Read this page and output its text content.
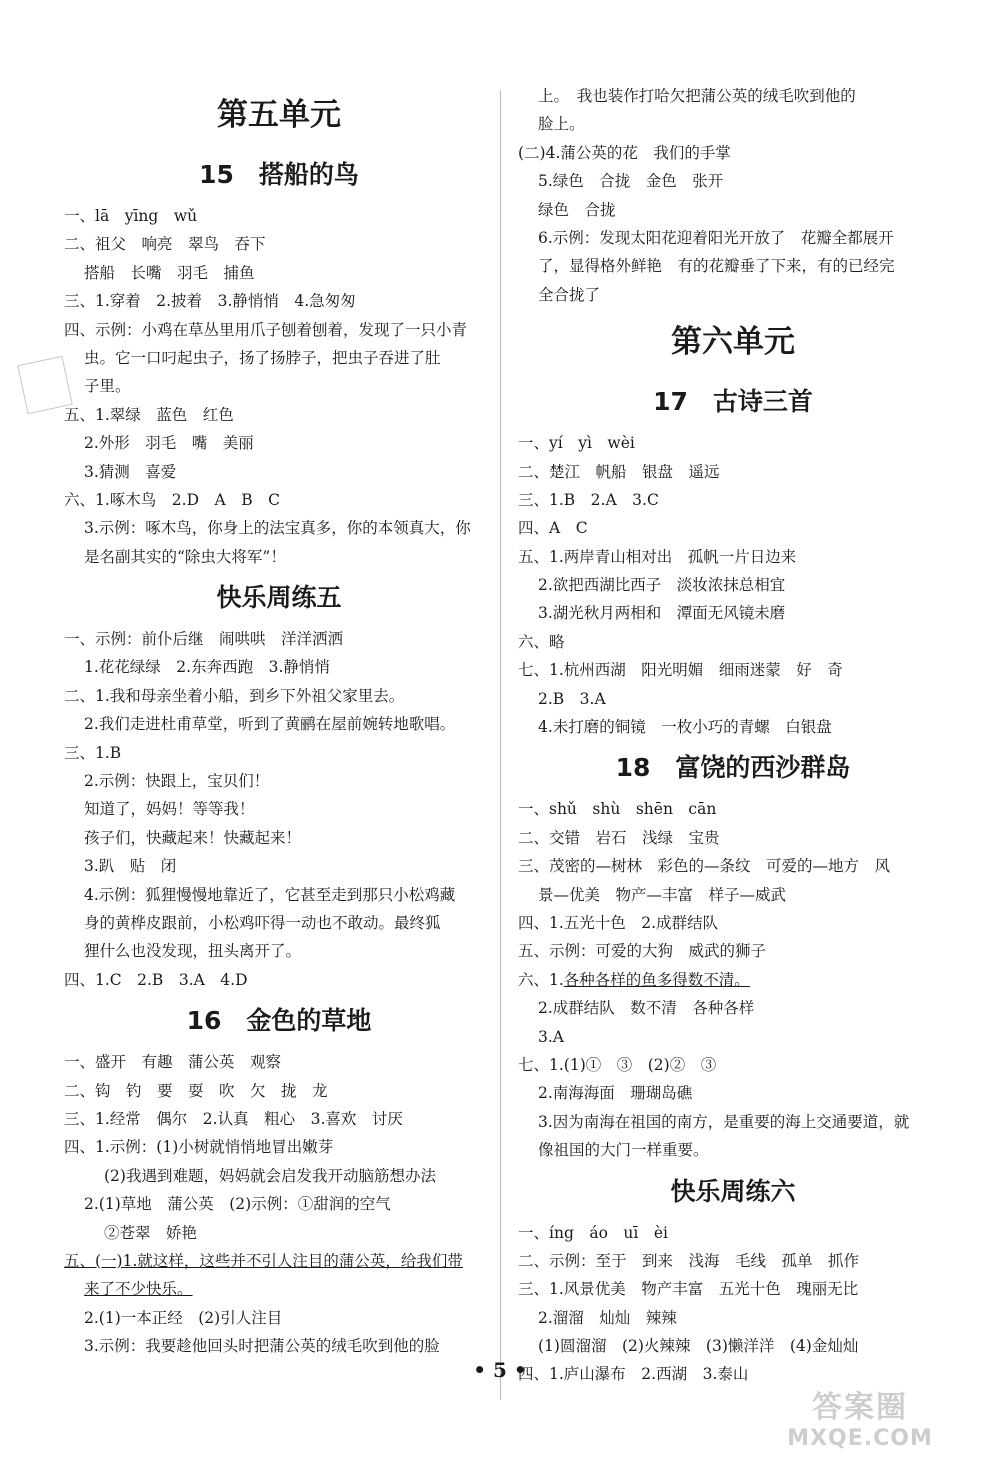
第五单元
15　搭船的鸟
一、lā　yīng　wǔ
二、祖父　响亮　翠鸟　吞下
搭船　长嘴　羽毛　捕鱼
三、1.穿着　2.披着　3.静悄悄　4.急匆匆
四、示例：小鸡在草丛里用爪子刨着刨着，发现了一只小青
虫。它一口叼起虫子，扬了扬脖子，把虫子吞进了肚
子里。
五、1.翠绿　蓝色　红色
2.外形　羽毛　嘴　美丽
3.猜测　喜爱
六、1.啄木鸟　2.D　A　B　C
3.示例：啄木鸟，你身上的法宝真多，你的本领真大，你
是名副其实的“除虫大将军”！
快乐周练五
一、示例：前仆后继　闹哄哄　洋洋洒洒
1.花花绿绿　2.东奔西跑　3.静悄悄
二、1.我和母亲坐着小船，到乡下外祖父家里去。
2.我们走进杜甫草堂，听到了黄鹂在屋前婉转地歌唱。
三、1.B
2.示例：快跟上，宝贝们！
知道了，妈妈！等等我！
孩子们，快藏起来！快藏起来！
3.趴　贴　闭
4.示例：狐狸慢慢地靠近了，它甚至走到那只小松鸡藏
身的黄桦皮跟前，小松鸡吓得一动也不敢动。最终狐
狸什么也没发现，扭头离开了。
四、1.C　2.B　3.A　4.D
16　金色的草地
一、盛开　有趣　蒲公英　观察
二、钩　钓　要　耍　吹　欠　拢　龙
三、1.经常　偶尔　2.认真　粗心　3.喜欢　讨厌
四、1.示例：(1)小树就悄悄地冒出嫩芽
(2)我遇到难题，妈妈就会启发我开动脑筋想办法
2.(1)草地　蒲公英　(2)示例：①甜润的空气
②苍翠　娇艳
五、(一)1.就这样，这些并不引人注目的蒲公英，给我们带
来了不少快乐。
2.(1)一本正经　(2)引人注目
3.示例：我要趁他回头时把蒲公英的绒毛吹到他的脸
上。　我也装作打哈欠把蒲公英的绒毛吹到他的
脸上。
(二)4.蒲公英的花　我们的手掌
5.绿色　合拢　金色　张开
绿色　合拢
6.示例：发现太阳花迎着阳光开放了　花瓣全都展开
了，显得格外鲜艳　有的花瓣垂了下来，有的已经完
全合拢了
第六单元
17　古诗三首
一、yí　yì　wèi
二、楚江　帆船　银盘　遥远
三、1.B　2.A　3.C
四、A　C
五、1.两岸青山相对出　孤帆一片日边来
2.欲把西湖比西子　淡妆浓抹总相宜
3.湖光秋月两相和　潭面无风镜未磨
六、略
七、1.杭州西湖　阳光明媚　细雨迷蒙　好　奇
2.B　3.A
4.未打磨的铜镜　一枚小巧的青螺　白银盘
18　富饶的西沙群岛
一、shǔ　shù　shēn　cān
二、交错　岩石　浅绿　宝贵
三、茂密的—树林　彩色的—条纹　可爱的—地方　风
景—优美　物产—丰富　样子—威武
四、1.五光十色　2.成群结队
五、示例：可爱的大狗　威武的狮子
六、1.各种各样的鱼多得数不清。
2.成群结队　数不清　各种各样
3.A
七、1.(1)①　③　(2)②　③
2.南海海面　珊瑚岛礁
3.因为南海在祖国的南方，是重要的海上交通要道，就
像祖国的大门一样重要。
快乐周练六
一、íng　áo　uī　èi
二、示例：至于　到来　浅海　毛线　孤单　抓作
三、1.风景优美　物产丰富　五光十色　瑰丽无比
2.溜溜　灿灿　辣辣
(1)圆溜溜　(2)火辣辣　(3)懒洋洋　(4)金灿灿
四、1.庐山瀑布　2.西湖　3.泰山
• 5 •
答案圈
MXQE.COM
